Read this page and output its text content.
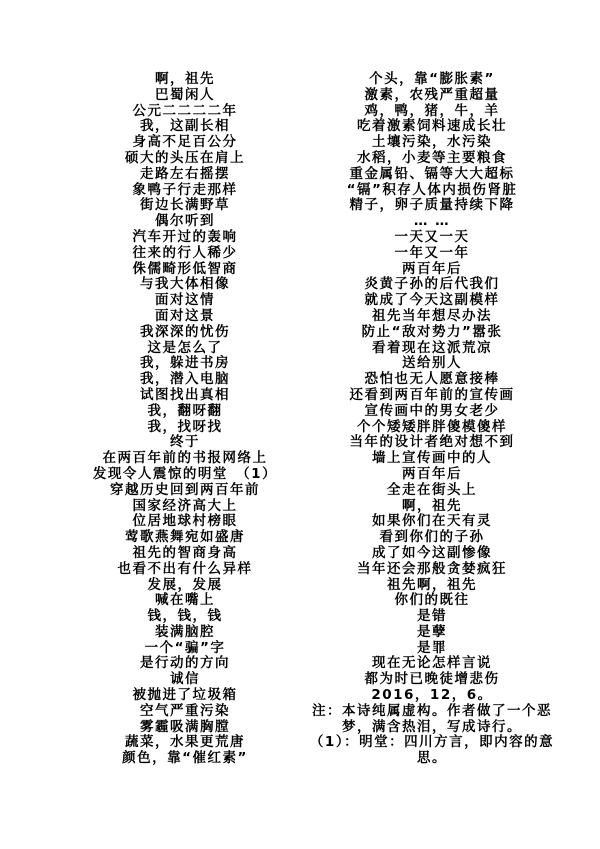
啊，祖先
巴蜀闲人
公元二二二二年
我，这副长相
身高不足百公分
硕大的头压在肩上
走路左右摇摆
象鸭子行走那样
街边长满野草
偶尔听到
汽车开过的轰响
往来的行人稀少
侏儒畸形低智商
与我大体相像
面对这情
面对这景
我深深的忧伤
这是怎么了
我，躲进书房
我，潜入电脑
试图找出真相
我，翻呀翻
我，找呀找
终于
在两百年前的书报网络上
发现令人震惊的明堂　（1）
穿越历史回到两百年前
国家经济高大上
位居地球村榜眼
莺歌燕舞宛如盛唐
祖先的智商身高
也看不出有什么异样
发展，发展
喊在嘴上
钱，钱，钱
装满脑腔
一个“骗”字
是行动的方向
诚信
被抛进了垃圾箱
空气严重污染
雾霾吸满胸膛
蔬菜，水果更荒唐
颜色，靠“催红素”
个头，靠“膨胀素”
激素，农残严重超量
鸡，鸭，猪，牛，羊
吃着激素饲料速成长壮
土壤污染，水污染
水稻，小麦等主要粮食
重金属铅、镉等大大超标
“镉”积存人体内损伤肾脏
精子，卵子质量持续下降
… …
一天又一天
一年又一年
两百年后
炎黄子孙的后代我们
就成了今天这副模样
祖先当年想尽办法
防止“敌对势力”嚣张
看着现在这派荒凉
送给别人
恐怕也无人愿意接棒
还看到两百年前的宣传画
宣传画中的男女老少
个个矮矮胖胖傻模傻样
当年的设计者绝对想不到
墙上宣传画中的人
两百年后
全走在街头上
啊，祖先
如果你们在天有灵
看到你们的子孙
成了如今这副惨像
当年还会那般贪婪疯狂
祖先啊，祖先
你们的既往
是错
是孽
是罪
现在无论怎样言说
都为时已晚徒增悲伤
2016，12，6。
注：本诗纯属虚构。作者做了一个恶
梦，满含热泪，写成诗行。
（1）：明堂：四川方言，即内容的意
思。
